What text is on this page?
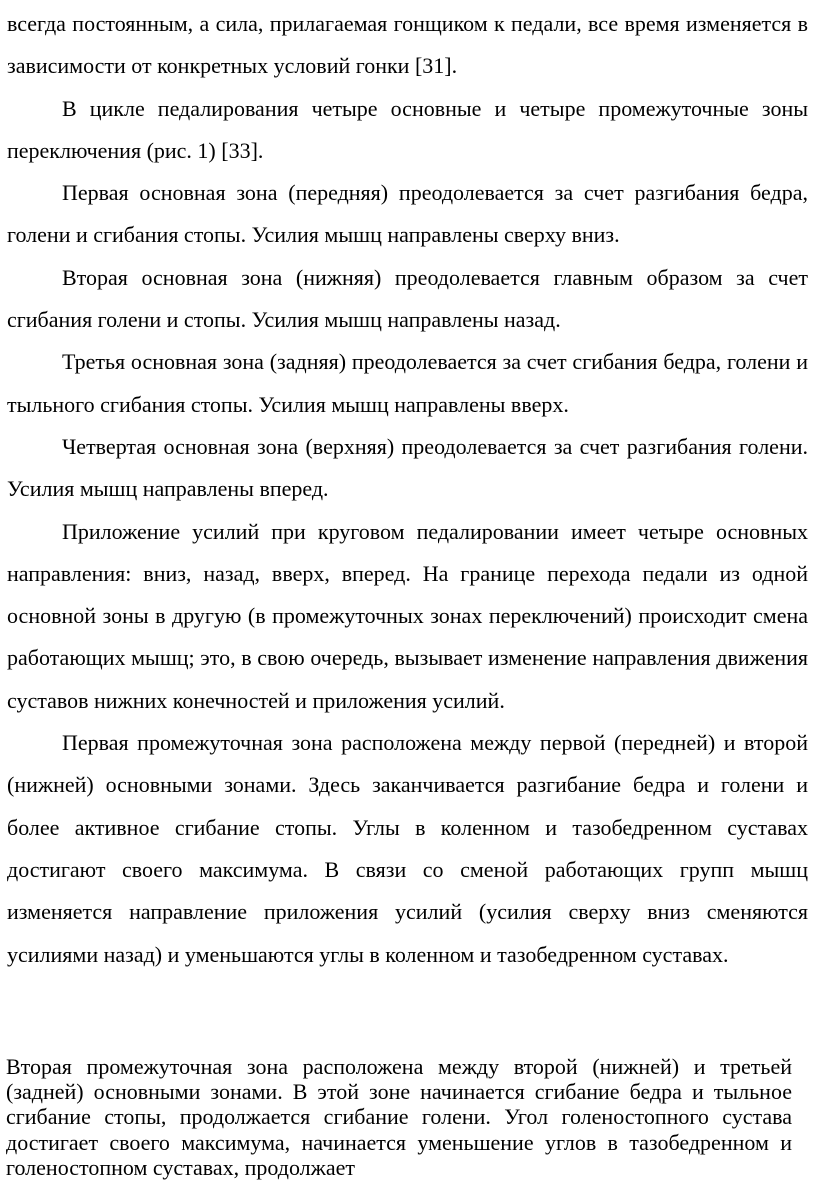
всегда постоянным, а сила, прилагаемая гонщиком к педали, все время изменяется в зависимости от конкретных условий гонки [31].

В цикле педалирования четыре основные и четыре промежуточные зоны переключения (рис. 1) [33].

Первая основная зона (передняя) преодолевается за счет разгибания бедра, голени и сгибания стопы. Усилия мышц направлены сверху вниз.

Вторая основная зона (нижняя) преодолевается главным образом за счет сгибания голени и стопы. Усилия мышц направлены назад.

Третья основная зона (задняя) преодолевается за счет сгибания бедра, голени и тыльного сгибания стопы. Усилия мышц направлены вверх.

Четвертая основная зона (верхняя) преодолевается за счет разгибания голени. Усилия мышц направлены вперед.

Приложение усилий при круговом педалировании имеет четыре основных направления: вниз, назад, вверх, вперед. На границе перехода педали из одной основной зоны в другую (в промежуточных зонах переключений) происходит смена работающих мышц; это, в свою очередь, вызывает изменение направления движения суставов нижних конечностей и приложения усилий.

Первая промежуточная зона расположена между первой (передней) и второй (нижней) основными зонами. Здесь заканчивается разгибание бедра и голени и более активное сгибание стопы. Углы в коленном и тазобедренном суставах достигают своего максимума. В связи со сменой работающих групп мышц изменяется направление приложения усилий (усилия сверху вниз сменяются усилиями назад) и уменьшаются углы в коленном и тазобедренном суставах.

Вторая промежуточная зона расположена между второй (нижней) и третьей (задней) основными зонами. В этой зоне начинается сгибание бедра и тыльное сгибание стопы, продолжается сгибание голени. Угол голеностопного сустава достигает своего максимума, начинается уменьшение углов в тазобедренном и голеностопном суставах, продолжает
